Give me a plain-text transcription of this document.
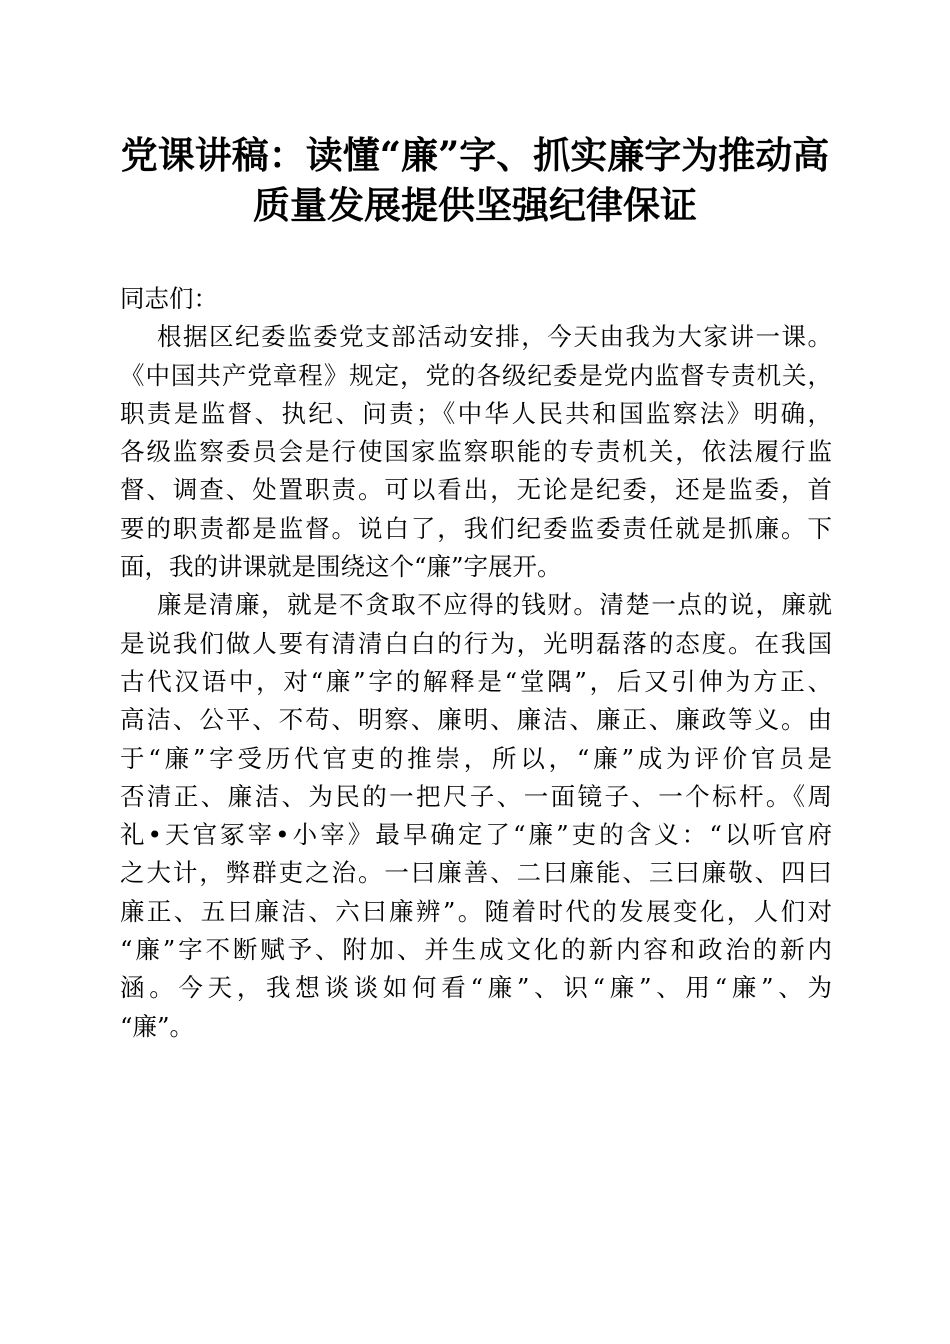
党课讲稿：读懂“廉”字、抓实廉字为推动高
质量发展提供坚强纪律保证
同志们：

根据区纪委监委党支部活动安排，今天由我为大家讲一课。
《中国共产党章程》规定，党的各级纪委是党内监督专责机关，
职责是监督、执纪、问责；《中华人民共和国监察法》明确，
各级监察委员会是行使国家监察职能的专责机关，依法履行监
督、调查、处置职责。可以看出，无论是纪委，还是监委，首
要的职责都是监督。说白了，我们纪委监委责任就是抓廉。下
面，我的讲课就是围绕这个“廉”字展开。

廉是清廉，就是不贪取不应得的钱财。清楚一点的说，廉就
是说我们做人要有清清白白的行为，光明磊落的态度。在我国
古代汉语中，对“廉”字的解释是“堂隅”，后又引伸为方正、
高洁、公平、不苟、明察、廉明、廉洁、廉正、廉政等义。由
于“廉”字受历代官吏的推崇，所以，“廉”成为评价官员是
否清正、廉洁、为民的一把尺子、一面镜子、一个标杆。《周
礼•天官冢宰•小宰》最早确定了“廉”吏的含义：“以听官府
之大计，弊群吏之治。一曰廉善、二曰廉能、三曰廉敬、四曰
廉正、五曰廉洁、六曰廉辨”。随着时代的发展变化，人们对
“廉”字不断赋予、附加、并生成文化的新内容和政治的新内
涵。今天，我想谈谈如何看“廉”、识“廉”、用“廉”、为
“廉”。
